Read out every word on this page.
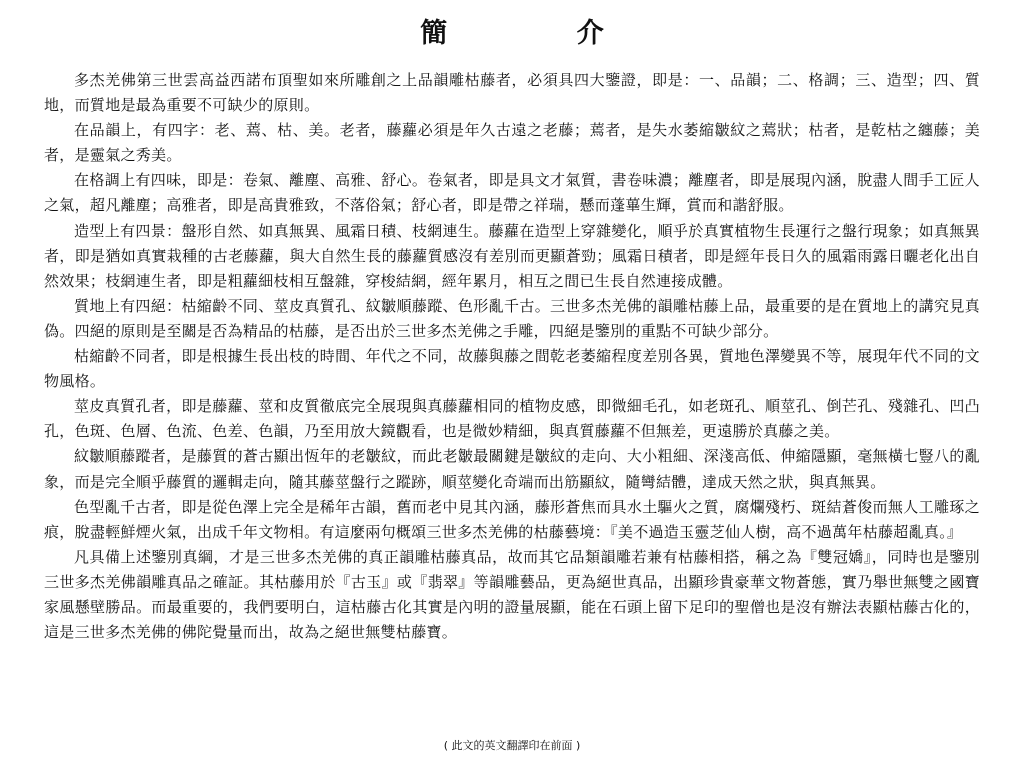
簡 介

多杰羌佛第三世雲高益西諾布頂聖如來所雕創之上品韻雕枯藤者，必須具四大鑒證，即是：一、品韻；二、格調；三、造型；四、質地，而質地是最為重要不可缺少的原則。

在品韻上，有四字：老、蔫、枯、美。老者，藤蘿必須是年久古遠之老藤；蔫者，是失水萎縮皺紋之蔫狀；枯者，是乾枯之纏藤；美者，是靈氣之秀美。

在格調上有四味，即是：卷氣、離塵、高雅、舒心。卷氣者，即是具文才氣質，書卷味濃；離塵者，即是展現內涵，脫盡人間手工匠人之氣，超凡離塵；高雅者，即是高貴雅致，不落俗氣；舒心者，即是帶之祥瑞，懸而蓬蓽生輝，賞而和諧舒服。

造型上有四景：盤形自然、如真無異、風霜日積、枝網連生。藤蘿在造型上穿雜變化，順乎於真實植物生長運行之盤行現象；如真無異者，即是猶如真實栽種的古老藤蘿，與大自然生長的藤蘿質感沒有差別而更顯蒼勁；風霜日積者，即是經年長日久的風霜雨露日曬老化出自然效果；枝網連生者，即是粗蘿細枝相互盤雜，穿梭結網，經年累月，相互之間已生長自然連接成體。

質地上有四絕：枯縮齡不同、莖皮真質孔、紋皺順藤蹤、色形亂千古。三世多杰羌佛的韻雕枯藤上品，最重要的是在質地上的講究見真偽。四絕的原則是至關是否為精品的枯藤，是否出於三世多杰羌佛之手雕，四絕是鑒別的重點不可缺少部分。

枯縮齡不同者，即是根據生長出枝的時間、年代之不同，故藤與藤之間乾老萎縮程度差別各異，質地色澤變異不等，展現年代不同的文物風格。

莖皮真質孔者，即是藤蘿、莖和皮質徹底完全展現與真藤蘿相同的植物皮感，即微細毛孔，如老斑孔、順莖孔、倒芒孔、殘雜孔、凹凸孔，色斑、色層、色流、色差、色韻，乃至用放大鏡觀看，也是微妙精細，與真質藤蘿不但無差，更遠勝於真藤之美。

紋皺順藤蹤者，是藤質的蒼古顯出恆年的老皺紋，而此老皺最關鍵是皺紋的走向、大小粗細、深淺高低、伸縮隱顯，毫無橫七豎八的亂象，而是完全順乎藤質的邏輯走向，隨其藤莖盤行之蹤跡，順莖變化奇端而出筋顯紋，隨彎結體，達成天然之狀，與真無異。

色型亂千古者，即是從色澤上完全是稀年古韻，舊而老中見其內涵，藤形蒼焦而具水土驅火之質，腐爛殘朽、斑結蒼俊而無人工雕琢之痕，脫盡輕鮮煙火氣，出成千年文物相。有這麼兩句概頌三世多杰羌佛的枯藤藝境：『美不過造玉靈芝仙人樹，高不過萬年枯藤超亂真。』

凡具備上述鑒別真綱，才是三世多杰羌佛的真正韻雕枯藤真品，故而其它品類韻雕若兼有枯藤相搭，稱之為『雙冠嬌』，同時也是鑒別三世多杰羌佛韻雕真品之確証。其枯藤用於『古玉』或『翡翠』等韻雕藝品，更為絕世真品，出顯珍貴豪華文物蒼態，實乃舉世無雙之國寶家風懸壁勝品。而最重要的，我們要明白，這枯藤古化其實是內明的證量展顯，能在石頭上留下足印的聖僧也是沒有辦法表顯枯藤古化的，這是三世多杰羌佛的佛陀覺量而出，故為之絕世無雙枯藤寶。

( 此文的英文翻譯印在前面 )
